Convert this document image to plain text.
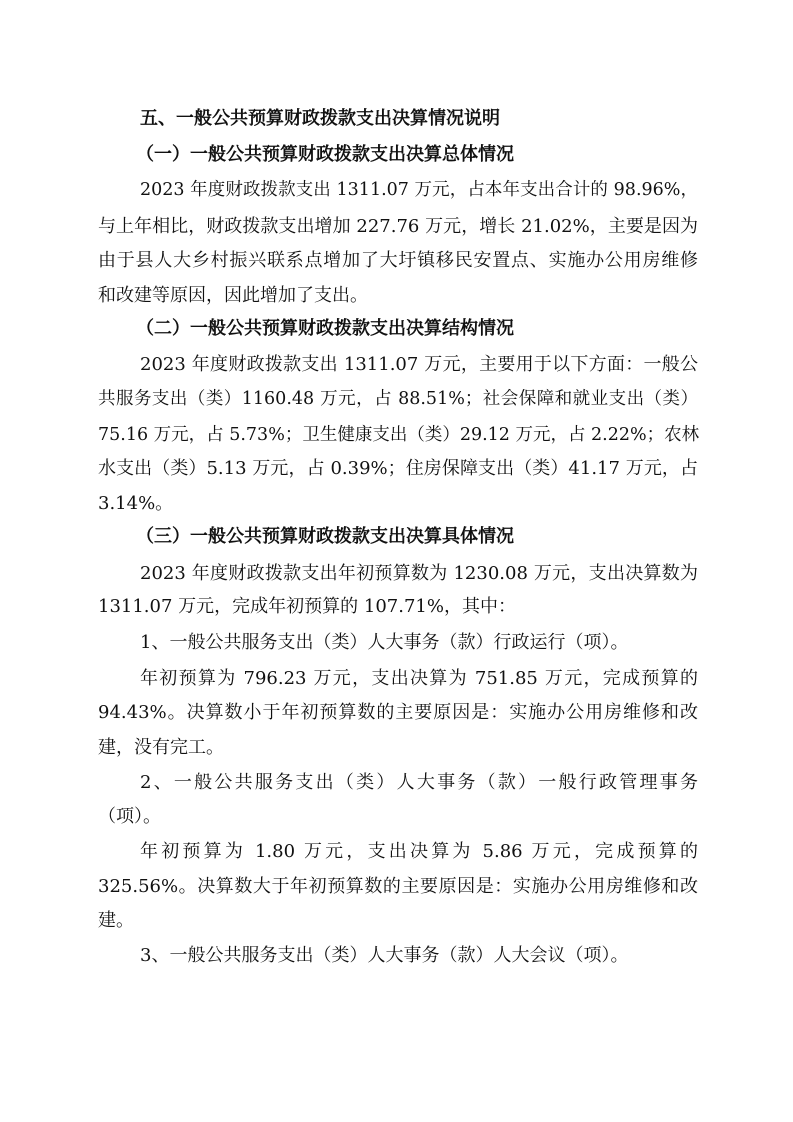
五、一般公共预算财政拨款支出决算情况说明
（一）一般公共预算财政拨款支出决算总体情况
2023 年度财政拨款支出 1311.07 万元，占本年支出合计的 98.96%，
与上年相比，财政拨款支出增加 227.76 万元，增长 21.02%，主要是因为
由于县人大乡村振兴联系点增加了大圩镇移民安置点、实施办公用房维修
和改建等原因，因此增加了支出。
（二）一般公共预算财政拨款支出决算结构情况
2023 年度财政拨款支出 1311.07 万元，主要用于以下方面：一般公
共服务支出（类）1160.48 万元，占 88.51%；社会保障和就业支出（类）
75.16 万元，占 5.73%；卫生健康支出（类）29.12 万元，占 2.22%；农林
水支出（类）5.13 万元，占 0.39%；住房保障支出（类）41.17 万元，占
3.14%。
（三）一般公共预算财政拨款支出决算具体情况
2023 年度财政拨款支出年初预算数为 1230.08 万元，支出决算数为
1311.07 万元，完成年初预算的 107.71%，其中：
1、一般公共服务支出（类）人大事务（款）行政运行（项）。
年初预算为 796.23 万元，支出决算为 751.85 万元，完成预算的
94.43%。决算数小于年初预算数的主要原因是：实施办公用房维修和改
建，没有完工。
2、一般公共服务支出（类）人大事务（款）一般行政管理事务
（项）。
年初预算为 1.80 万元，支出决算为 5.86 万元，完成预算的
325.56%。决算数大于年初预算数的主要原因是：实施办公用房维修和改
建。
3、一般公共服务支出（类）人大事务（款）人大会议（项）。
